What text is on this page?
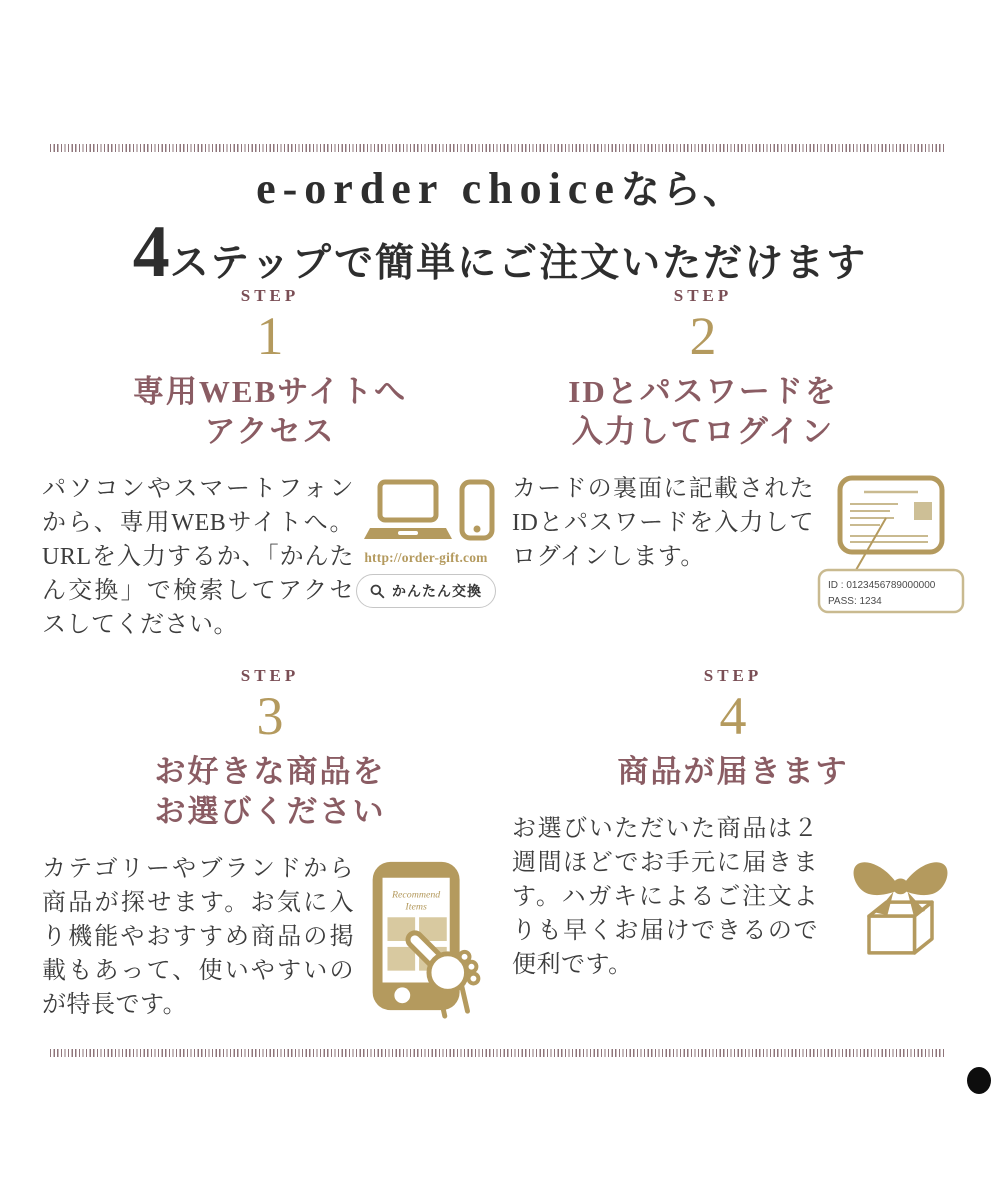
e-order choiceなら、
4 ステップで簡単にご注文いただけます
STEP
1
専用WEBサイトへ
アクセス

パソコンやスマートフォンから、専用WEBサイトへ。URLを入力するか、「かんたん交換」で検索してアクセスしてください。

http://order-gift.com
かんたん交換
STEP
2
IDとパスワードを
入力してログイン

カードの裏面に記載されたIDとパスワードを入力してログインします。

ID : 0123456789000000
PASS: 1234
STEP
3
お好きな商品を
お選びください

カテゴリーやブランドから商品が探せます。お気に入り機能やおすすめ商品の掲載もあって、使いやすいのが特長です。

Recommend
Items
STEP
4
商品が届きます

お選びいただいた商品は２週間ほどでお手元に届きます。ハガキによるご注文よりも早くお届けできるので便利です。
